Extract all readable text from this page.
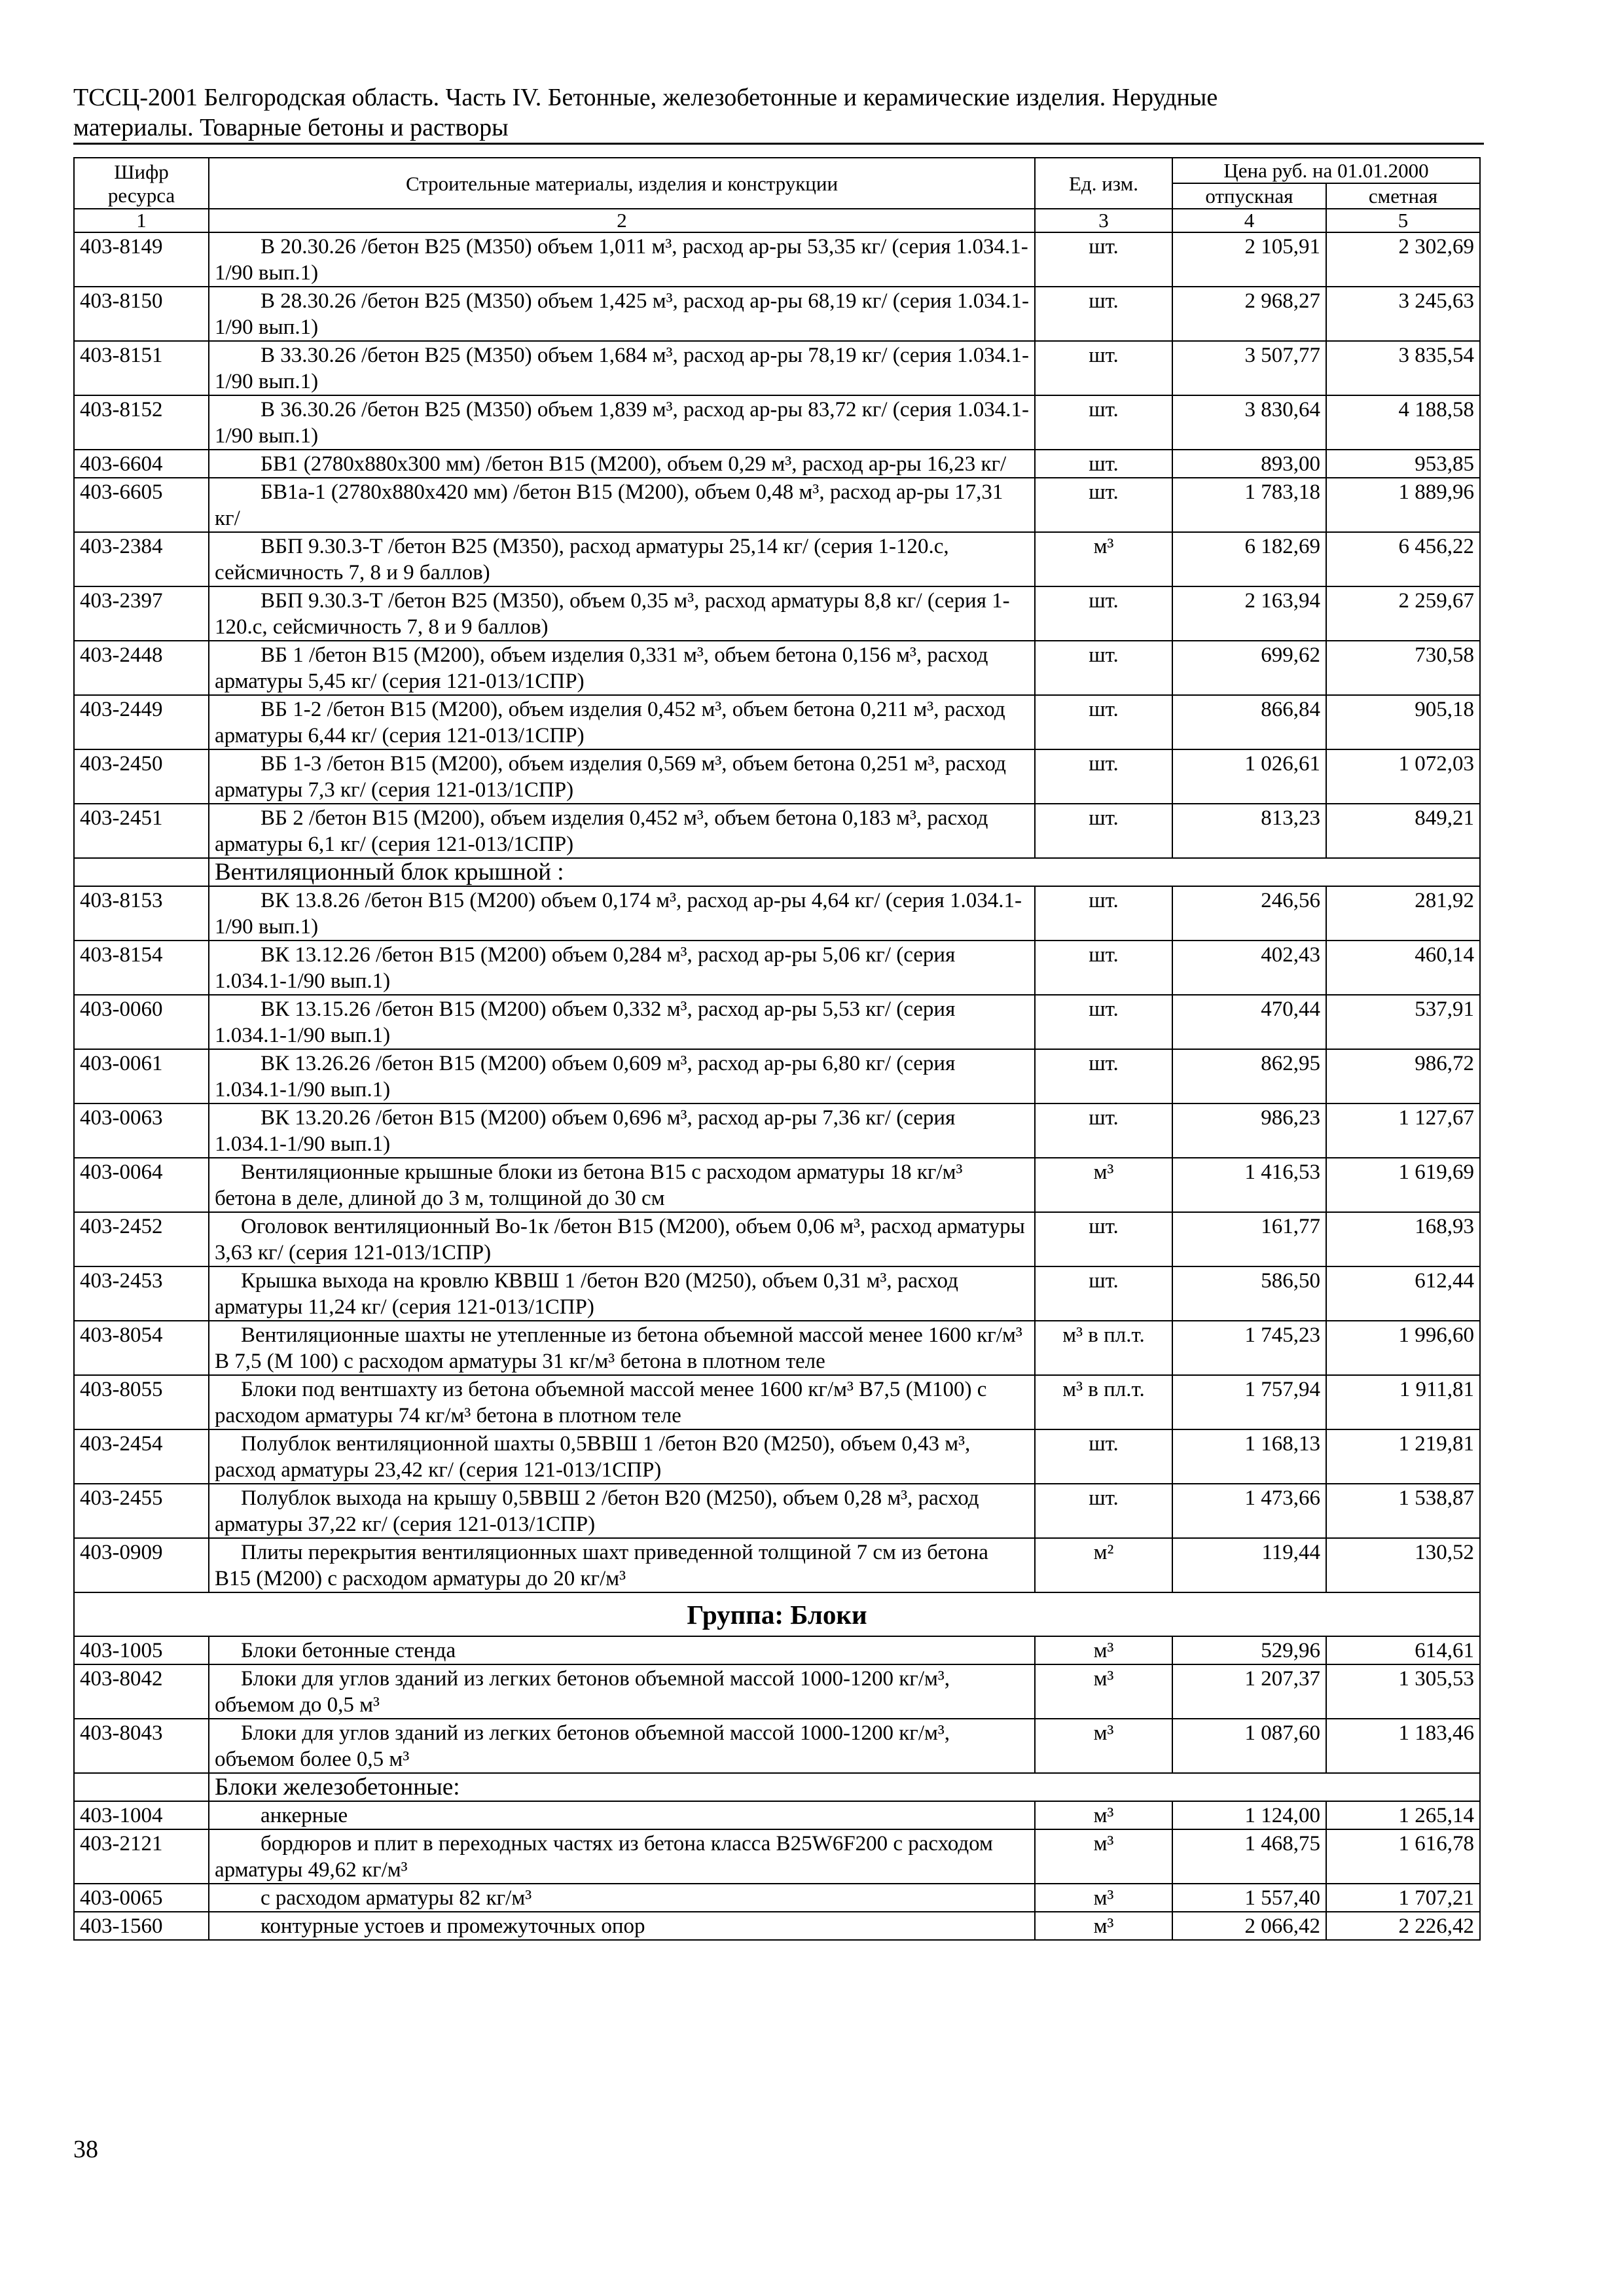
ТССЦ-2001 Белгородская область. Часть IV. Бетонные, железобетонные и керамические изделия. Нерудные
материалы. Товарные бетоны и растворы
Шифр ресурса	Строительные материалы, изделия и конструкции	Ед. изм.	Цена руб. на 01.01.2000	
			отпускная	сметная
1	2	3	4	5
403-8149	В 20.30.26 /бетон В25 (М350) объем 1,011 м³, расход ар-ры 53,35 кг/ (серия 1.034.1-1/90 вып.1)	шт.	2 105,91	2 302,69
403-8150	В 28.30.26 /бетон В25 (М350) объем 1,425 м³, расход ар-ры 68,19 кг/ (серия 1.034.1-1/90 вып.1)	шт.	2 968,27	3 245,63
403-8151	В 33.30.26 /бетон В25 (М350) объем 1,684 м³, расход ар-ры 78,19 кг/ (серия 1.034.1-1/90 вып.1)	шт.	3 507,77	3 835,54
403-8152	В 36.30.26 /бетон В25 (М350) объем 1,839 м³, расход ар-ры 83,72 кг/ (серия 1.034.1-1/90 вып.1)	шт.	3 830,64	4 188,58
403-6604	БВ1 (2780х880х300 мм) /бетон В15 (М200), объем 0,29 м³, расход ар-ры 16,23 кг/	шт.	893,00	953,85
403-6605	БВ1а-1 (2780х880х420 мм) /бетон В15 (М200), объем 0,48 м³, расход ар-ры 17,31 кг/	шт.	1 783,18	1 889,96
403-2384	ВБП 9.30.3-Т /бетон В25 (М350), расход арматуры 25,14 кг/ (серия 1-120.с, сейсмичность 7, 8 и 9 баллов)	м³	6 182,69	6 456,22
403-2397	ВБП 9.30.3-Т /бетон В25 (М350), объем 0,35 м³, расход арматуры 8,8 кг/ (серия 1-120.с, сейсмичность 7, 8 и 9 баллов)	шт.	2 163,94	2 259,67
403-2448	ВБ 1 /бетон В15 (М200), объем изделия 0,331 м³, объем бетона 0,156 м³, расход арматуры 5,45 кг/ (серия 121-013/1СПР)	шт.	699,62	730,58
403-2449	ВБ 1-2 /бетон В15 (М200), объем изделия 0,452 м³, объем бетона 0,211 м³, расход арматуры 6,44 кг/ (серия 121-013/1СПР)	шт.	866,84	905,18
403-2450	ВБ 1-3 /бетон В15 (М200), объем изделия 0,569 м³, объем бетона 0,251 м³, расход арматуры 7,3 кг/ (серия 121-013/1СПР)	шт.	1 026,61	1 072,03
403-2451	ВБ 2 /бетон В15 (М200), объем изделия 0,452 м³, объем бетона 0,183 м³, расход арматуры 6,1 кг/ (серия 121-013/1СПР)	шт.	813,23	849,21
	Вентиляционный блок крышной :			
403-8153	ВК 13.8.26 /бетон В15 (М200) объем 0,174 м³, расход ар-ры 4,64 кг/ (серия 1.034.1-1/90 вып.1)	шт.	246,56	281,92
403-8154	ВК 13.12.26 /бетон В15 (М200) объем 0,284 м³, расход ар-ры 5,06 кг/ (серия 1.034.1-1/90 вып.1)	шт.	402,43	460,14
403-0060	ВК 13.15.26 /бетон В15 (М200) объем 0,332 м³, расход ар-ры 5,53 кг/ (серия 1.034.1-1/90 вып.1)	шт.	470,44	537,91
403-0061	ВК 13.26.26 /бетон В15 (М200) объем 0,609 м³, расход ар-ры 6,80 кг/ (серия 1.034.1-1/90 вып.1)	шт.	862,95	986,72
403-0063	ВК 13.20.26 /бетон В15 (М200) объем 0,696 м³, расход ар-ры 7,36 кг/ (серия 1.034.1-1/90 вып.1)	шт.	986,23	1 127,67
403-0064	Вентиляционные крышные блоки из бетона В15 с расходом арматуры 18 кг/м³ бетона в деле, длиной до 3 м, толщиной до 30 см	м³	1 416,53	1 619,69
403-2452	Оголовок вентиляционный Во-1к /бетон В15 (М200), объем 0,06 м³, расход арматуры 3,63 кг/ (серия 121-013/1СПР)	шт.	161,77	168,93
403-2453	Крышка выхода на кровлю КВВШ 1 /бетон В20 (М250), объем 0,31 м³, расход арматуры 11,24 кг/ (серия 121-013/1СПР)	шт.	586,50	612,44
403-8054	Вентиляционные шахты не утепленные из бетона объемной массой менее 1600 кг/м³ В 7,5 (М 100) с расходом арматуры 31 кг/м³ бетона в плотном теле	м³ в пл.т.	1 745,23	1 996,60
403-8055	Блоки под вентшахту из бетона объемной массой менее 1600 кг/м³ В7,5 (М100) с расходом арматуры 74 кг/м³ бетона в плотном теле	м³ в пл.т.	1 757,94	1 911,81
403-2454	Полублок вентиляционной шахты 0,5ВВШ 1 /бетон В20 (М250), объем 0,43 м³, расход арматуры 23,42 кг/ (серия 121-013/1СПР)	шт.	1 168,13	1 219,81
403-2455	Полублок выхода на крышу 0,5ВВШ 2 /бетон В20 (М250), объем 0,28 м³, расход арматуры 37,22 кг/ (серия 121-013/1СПР)	шт.	1 473,66	1 538,87
403-0909	Плиты перекрытия вентиляционных шахт приведенной толщиной 7 см из бетона В15 (М200) с расходом арматуры до 20 кг/м³	м²	119,44	130,52
Группа: Блоки				
403-1005	Блоки бетонные стенда	м³	529,96	614,61
403-8042	Блоки для углов зданий из легких бетонов объемной массой 1000-1200 кг/м³, объемом до 0,5 м³	м³	1 207,37	1 305,53
403-8043	Блоки для углов зданий из легких бетонов объемной массой 1000-1200 кг/м³, объемом более 0,5 м³	м³	1 087,60	1 183,46
	Блоки железобетонные:			
403-1004	анкерные	м³	1 124,00	1 265,14
403-2121	бордюров и плит в переходных частях из бетона класса В25W6F200 с расходом арматуры 49,62 кг/м³	м³	1 468,75	1 616,78
403-0065	с расходом арматуры 82 кг/м³	м³	1 557,40	1 707,21
403-1560	контурные устоев и промежуточных опор	м³	2 066,42	2 226,42
38
